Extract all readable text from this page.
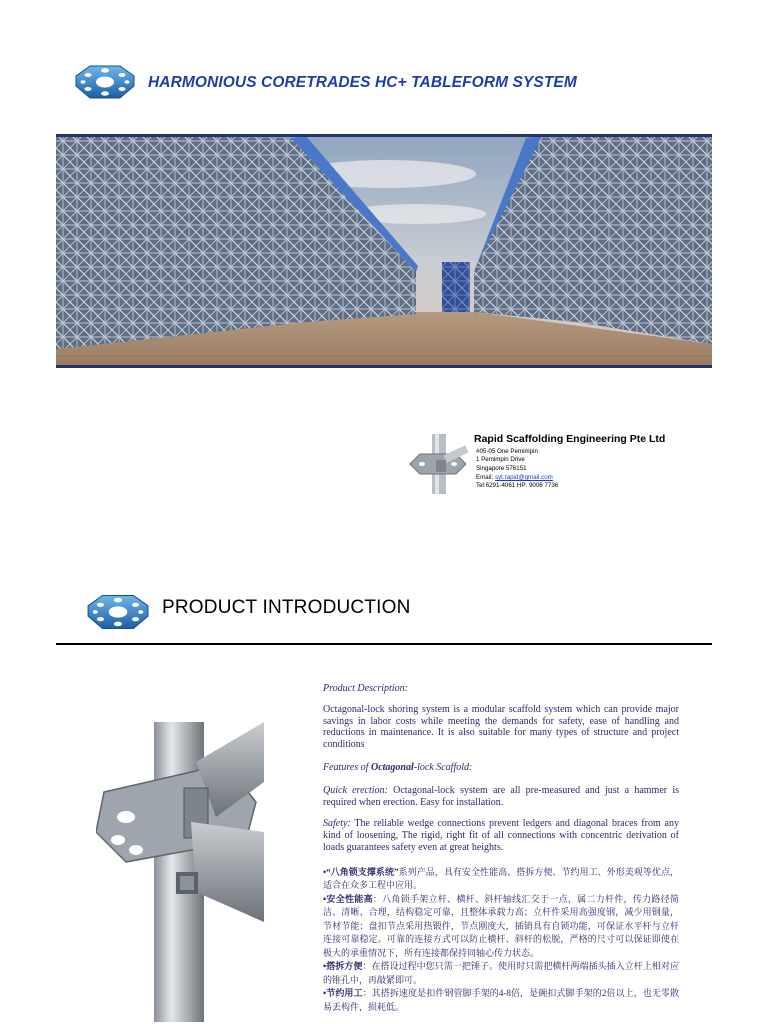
HARMONIOUS CORETRADES HC+ TABLEFORM SYSTEM
Rapid Scaffolding Engineering Pte Ltd
#05-05 One Pemimpin
1 Pemimpin Drive
Singapore 576151
Email: syt.rapid@gmail.com
Tel:6291-4061 HP: 9006 7736
PRODUCT INTRODUCTION

Product Description:

Octagonal-lock shoring system is a modular scaffold system which can provide major savings in labor costs while meeting the demands for safety, ease of handling and reductions in maintenance. It is also suitable for many types of structure and project conditions

Features of Octagonal-lock Scaffold:

Quick erection: Octagonal-lock system are all pre-measured and just a hammer is required when erection. Easy for installation.

Safety: The reliable wedge connections prevent ledgers and diagonal braces from any kind of loosening, The rigid, right fit of all connections with concentric derivation of loads guarantees safety even at great heights.

•“八角锁支撑系统”系列产品，具有安全性能高、搭拆方便、节约用工、外形美观等优点，适合在众多工程中应用。

•安全性能高：八角锁手架立杆、横杆、斜杆轴线汇交于一点，属二力杆件，传力路径简洁、清晰、合理，结构稳定可靠，且整体承载力高；立杆件采用高强度钢，减少用钢量，节材节能；盘扣节点采用热锻件，节点刚度大，插销具有自锁功能，可保证水平杆与立杆连接可靠稳定。可靠的连接方式可以防止横杆、斜杆的松脱，严格的尺寸可以保证即使在极大的承重情况下，所有连接都保持同轴心传力状态。

•搭拆方便：在搭设过程中您只需一把锤子。使用时只需把横杆两端插头插入立杆上相对应的锥孔中，再敲紧即可。

•节约用工：其搭拆速度是扣件钢管脚手架的4-8倍，是碗扣式脚手架的2倍以上，也无零散易丢构件，损耗低。
